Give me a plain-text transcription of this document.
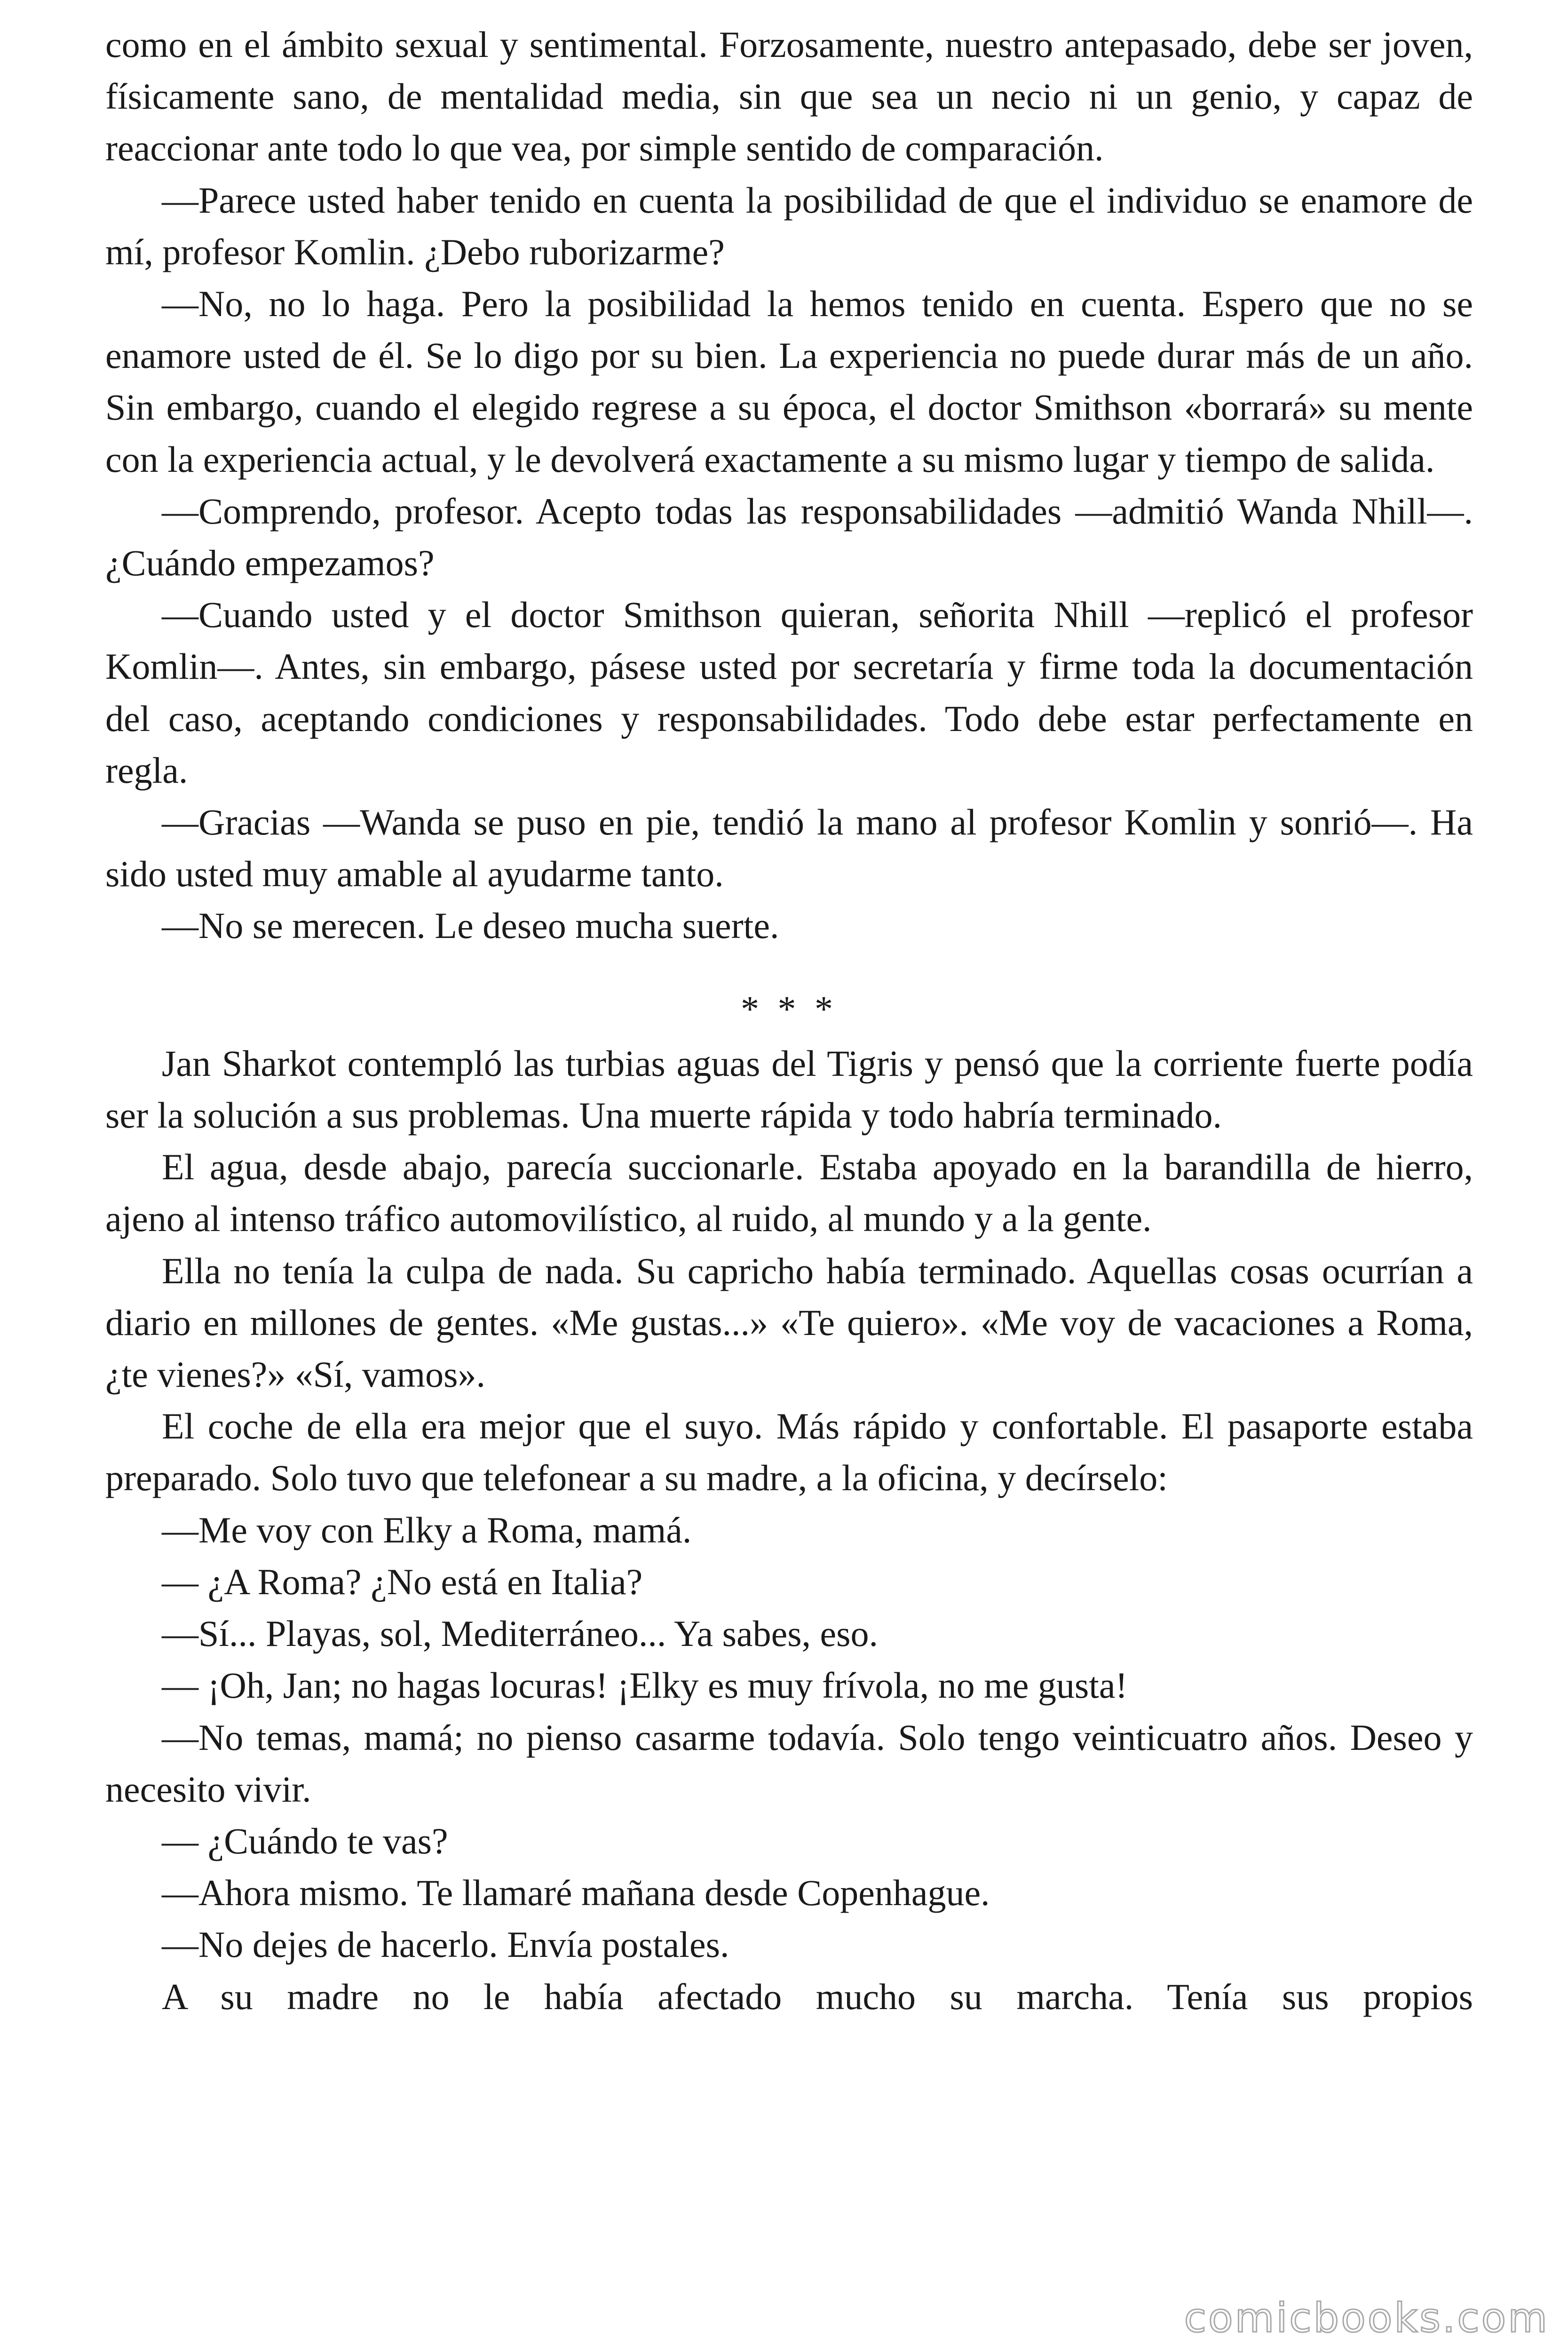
como en el ámbito sexual y sentimental. Forzosamente, nuestro antepasado, debe ser joven, físicamente sano, de mentalidad media, sin que sea un necio ni un genio, y capaz de reaccionar ante todo lo que vea, por simple sentido de comparación.

—Parece usted haber tenido en cuenta la posibilidad de que el individuo se enamore de mí, profesor Komlin. ¿Debo ruborizarme?

—No, no lo haga. Pero la posibilidad la hemos tenido en cuenta. Espero que no se enamore usted de él. Se lo digo por su bien. La experiencia no puede durar más de un año. Sin embargo, cuando el elegido regrese a su época, el doctor Smithson «borrará» su mente con la experiencia actual, y le devolverá exactamente a su mismo lugar y tiempo de salida.

—Comprendo, profesor. Acepto todas las responsabilidades —admitió Wanda Nhill—. ¿Cuándo empezamos?

—Cuando usted y el doctor Smithson quieran, señorita Nhill —replicó el profesor Komlin—. Antes, sin embargo, pásese usted por secretaría y firme toda la documentación del caso, aceptando condiciones y responsabilidades. Todo debe estar perfectamente en regla.

—Gracias —Wanda se puso en pie, tendió la mano al profesor Komlin y sonrió—. Ha sido usted muy amable al ayudarme tanto.

—No se merecen. Le deseo mucha suerte.

* * *

Jan Sharkot contempló las turbias aguas del Tigris y pensó que la corriente fuerte podía ser la solución a sus problemas. Una muerte rápida y todo habría terminado.

El agua, desde abajo, parecía succionarle. Estaba apoyado en la barandilla de hierro, ajeno al intenso tráfico automovilístico, al ruido, al mundo y a la gente.

Ella no tenía la culpa de nada. Su capricho había terminado. Aquellas cosas ocurrían a diario en millones de gentes. «Me gustas...» «Te quiero». «Me voy de vacaciones a Roma, ¿te vienes?» «Sí, vamos».

El coche de ella era mejor que el suyo. Más rápido y confortable. El pasaporte estaba preparado. Solo tuvo que telefonear a su madre, a la oficina, y decírselo:

—Me voy con Elky a Roma, mamá.

— ¿A Roma? ¿No está en Italia?

—Sí... Playas, sol, Mediterráneo... Ya sabes, eso.

— ¡Oh, Jan; no hagas locuras! ¡Elky es muy frívola, no me gusta!

—No temas, mamá; no pienso casarme todavía. Solo tengo veinticuatro años. Deseo y necesito vivir.

— ¿Cuándo te vas?

—Ahora mismo. Te llamaré mañana desde Copenhague.

—No dejes de hacerlo. Envía postales.

A su madre no le había afectado mucho su marcha. Tenía sus propios

comicbooks.com
